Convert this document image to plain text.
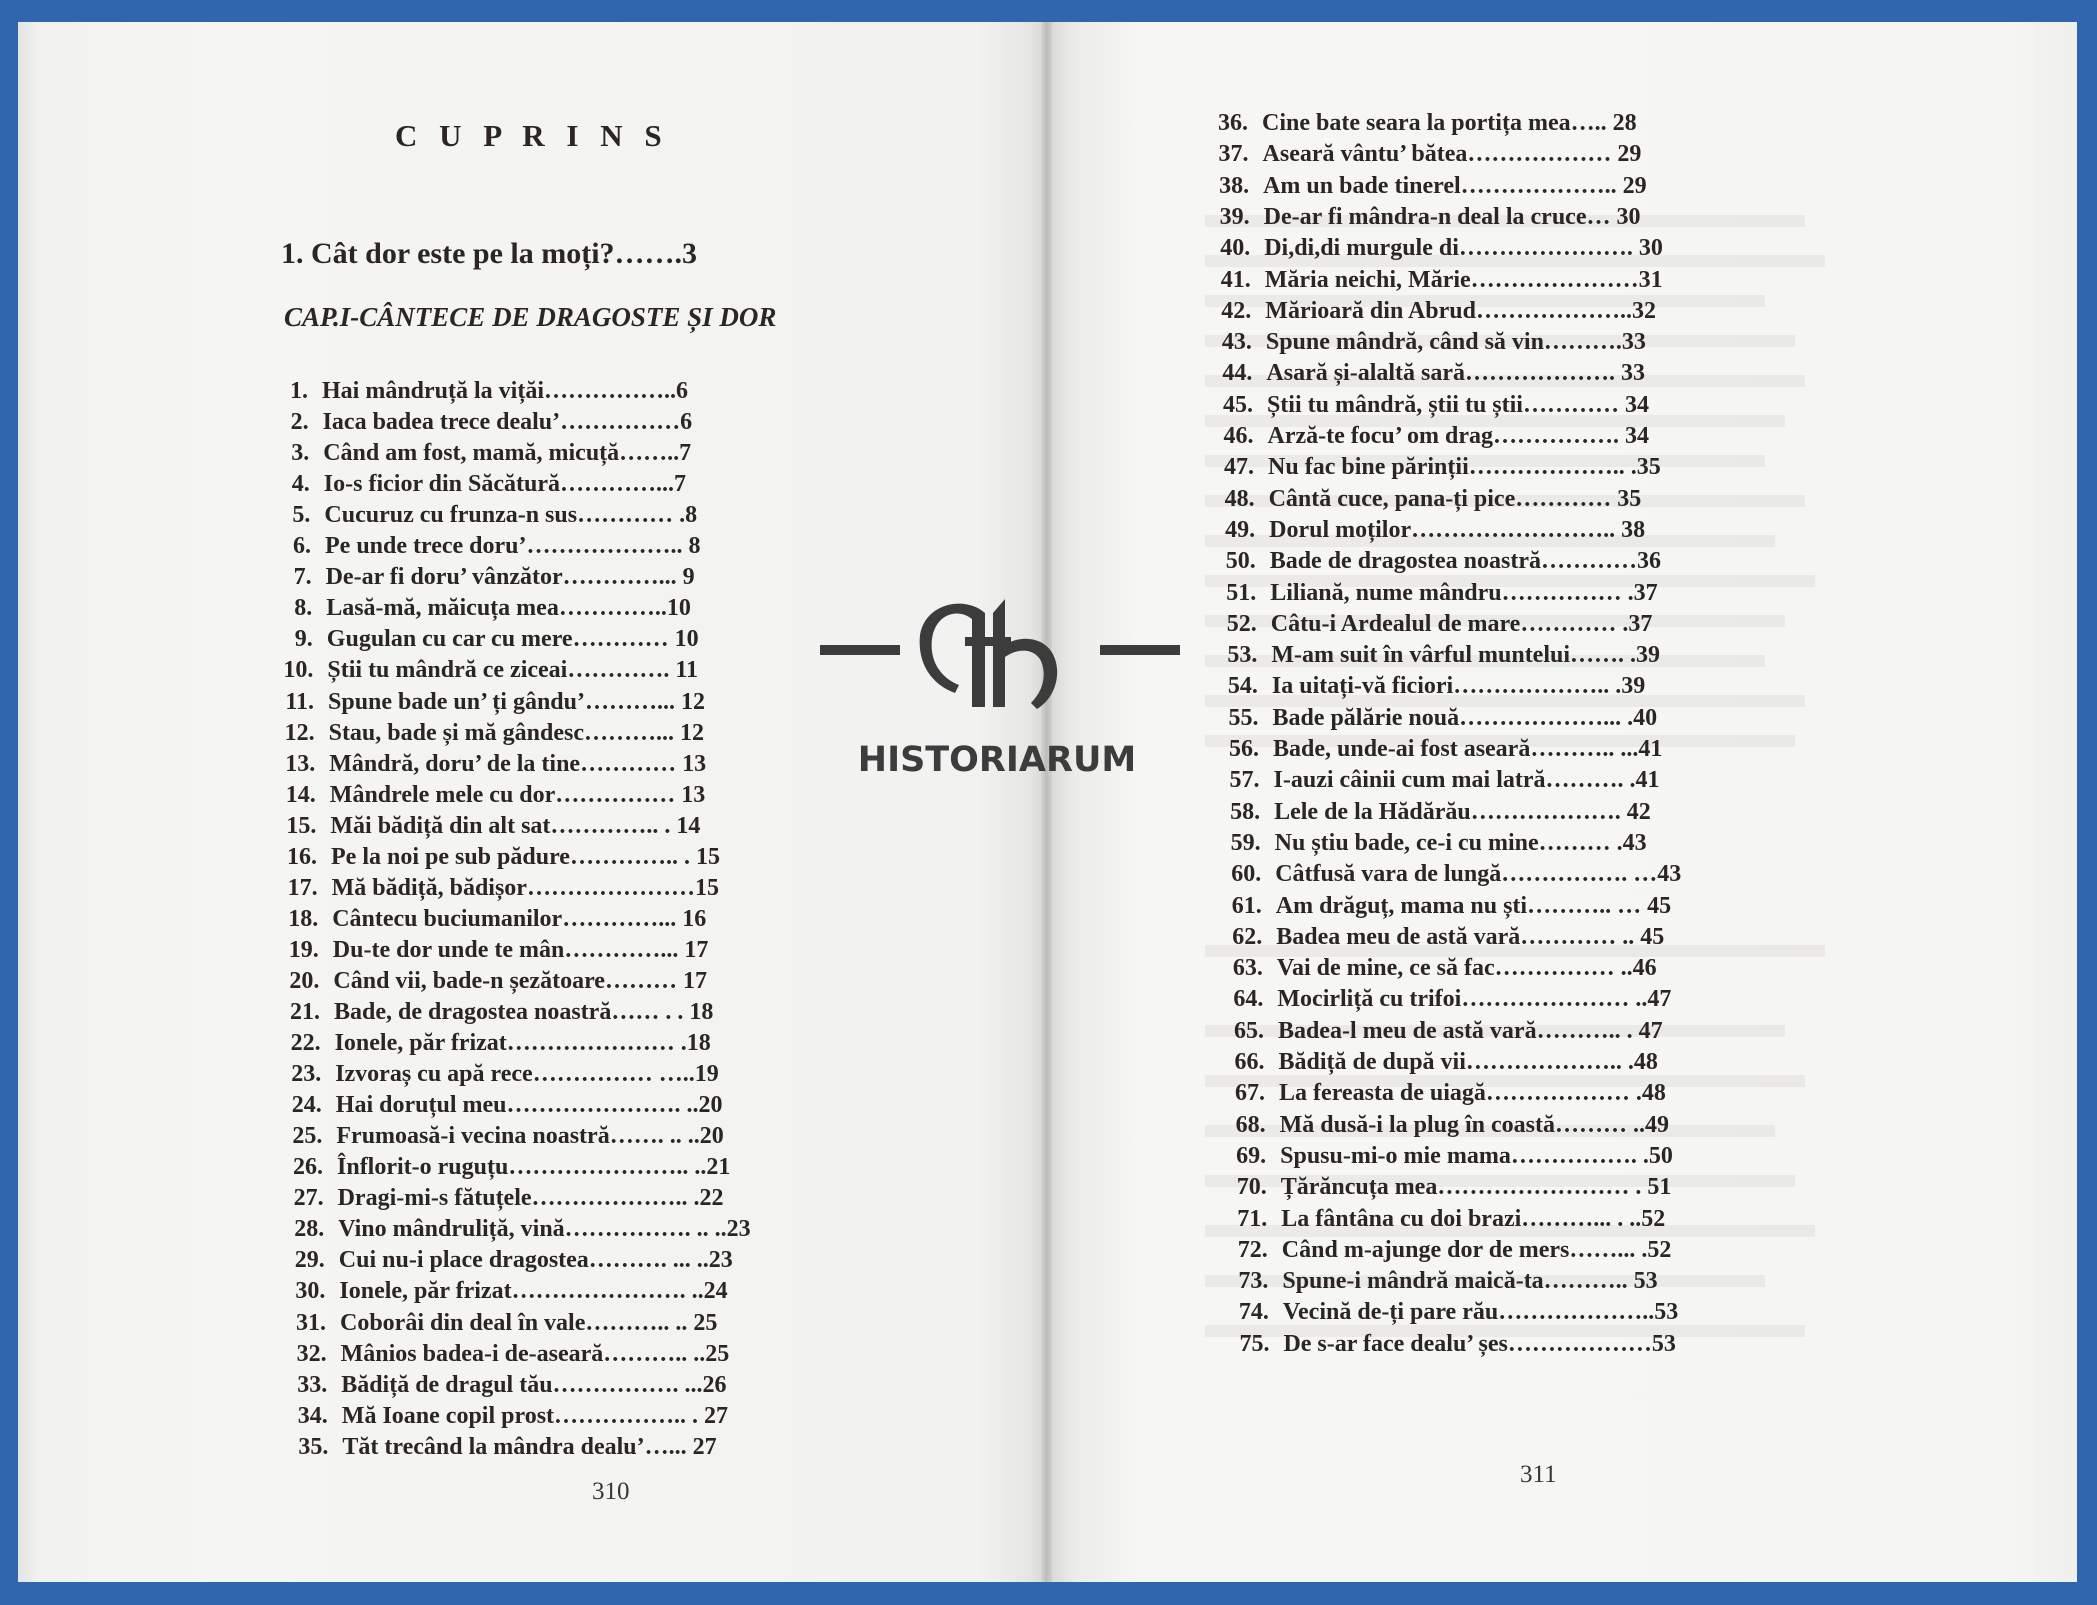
C U P R I N S
1. Cât dor este pe la moți?…….3
CAP.I-CÂNTECE DE DRAGOSTE ȘI DOR
1. Hai mândruță la vițăi……………..6
2. Iaca badea trece dealu’……………6
3. Când am fost, mamă, micuță……..7
4. Io-s ficior din Săcătură…………...7
5. Cucuruz cu frunza-n sus………… .8
6. Pe unde trece doru’……………….. 8
7. De-ar fi doru’ vânzător…………... 9
8. Lasă-mă, măicuța mea…………..10
9. Gugulan cu car cu mere………… 10
10. Știi tu mândră ce ziceai…………. 11
11. Spune bade un’ ți gându’………... 12
12. Stau, bade și mă gândesc………... 12
13. Mândră, doru’ de la tine………… 13
14. Mândrele mele cu dor…………… 13
15. Măi bădiță din alt sat………….. . 14
16. Pe la noi pe sub pădure………….. . 15
17. Mă bădiță, bădișor…………………15
18. Cântecu buciumanilor…………... 16
19. Du-te dor unde te mân…………... 17
20. Când vii, bade-n șezătoare……… 17
21. Bade, de dragostea noastră…… . . 18
22. Ionele, păr frizat………………… .18
23. Izvoraș cu apă rece…………… …..19
24. Hai doruțul meu…………………. ..20
25. Frumoasă-i vecina noastră……. .. ..20
26. Înflorit-o ruguțu………………….. ..21
27. Dragi-mi-s fătuțele……………….. .22
28. Vino mândruliță, vină……………. .. ..23
29. Cui nu-i place dragostea………. ... ..23
30. Ionele, păr frizat…………………. ..24
31. Coborâi din deal în vale……….. .. 25
32. Mânios badea-i de-aseară……….. ..25
33. Bădiță de dragul tău……………. ...26
34. Mă Ioane copil prost…………….. . 27
35. Tăt trecând la mândra dealu’…... 27
36. Cine bate seara la portița mea….. 28
37. Aseară vântu’ bătea……………… 29
38. Am un bade tinerel……………….. 29
39. De-ar fi mândra-n deal la cruce… 30
40. Di,di,di murgule di…………………. 30
41. Măria neichi, Mărie…………………31
42. Mărioară din Abrud………………..32
43. Spune mândră, când să vin……….33
44. Asară și-alaltă sară………………. 33
45. Știi tu mândră, știi tu știi………… 34
46. Arză-te focu’ om drag……………. 34
47. Nu fac bine părinții……………….. .35
48. Cântă cuce, pana-ți pice………… 35
49. Dorul moților…………………….. 38
50. Bade de dragostea noastră…………36
51. Liliană, nume mândru…………… .37
52. Câtu-i Ardealul de mare………… .37
53. M-am suit în vârful muntelui……. .39
54. Ia uitați-vă ficiori……………….. .39
55. Bade pălărie nouă………………... .40
56. Bade, unde-ai fost aseară……….. ...41
57. I-auzi câinii cum mai latră………. .41
58. Lele de la Hădărău………………. 42
59. Nu știu bade, ce-i cu mine……… .43
60. Câtfusă vara de lungă……………. …43
61. Am drăguț, mama nu ști……….. … 45
62. Badea meu de astă vară………… .. 45
63. Vai de mine, ce să fac…………… ..46
64. Mocirliță cu trifoi………………… ..47
65. Badea-l meu de astă vară……….. . 47
66. Bădiță de după vii……………….. .48
67. La fereasta de uiagă……………… .48
68. Mă dusă-i la plug în coastă……… ..49
69. Spusu-mi-o mie mama……………. .50
70. Țărăncuța mea…………………… . 51
71. La fântâna cu doi brazi………... . ..52
72. Când m-ajunge dor de mers……... .52
73. Spune-i mândră maică-ta……….. 53
74. Vecină de-ți pare rău………………..53
75. De s-ar face dealu’ șes………………53
310
311
HISTORIARUM
